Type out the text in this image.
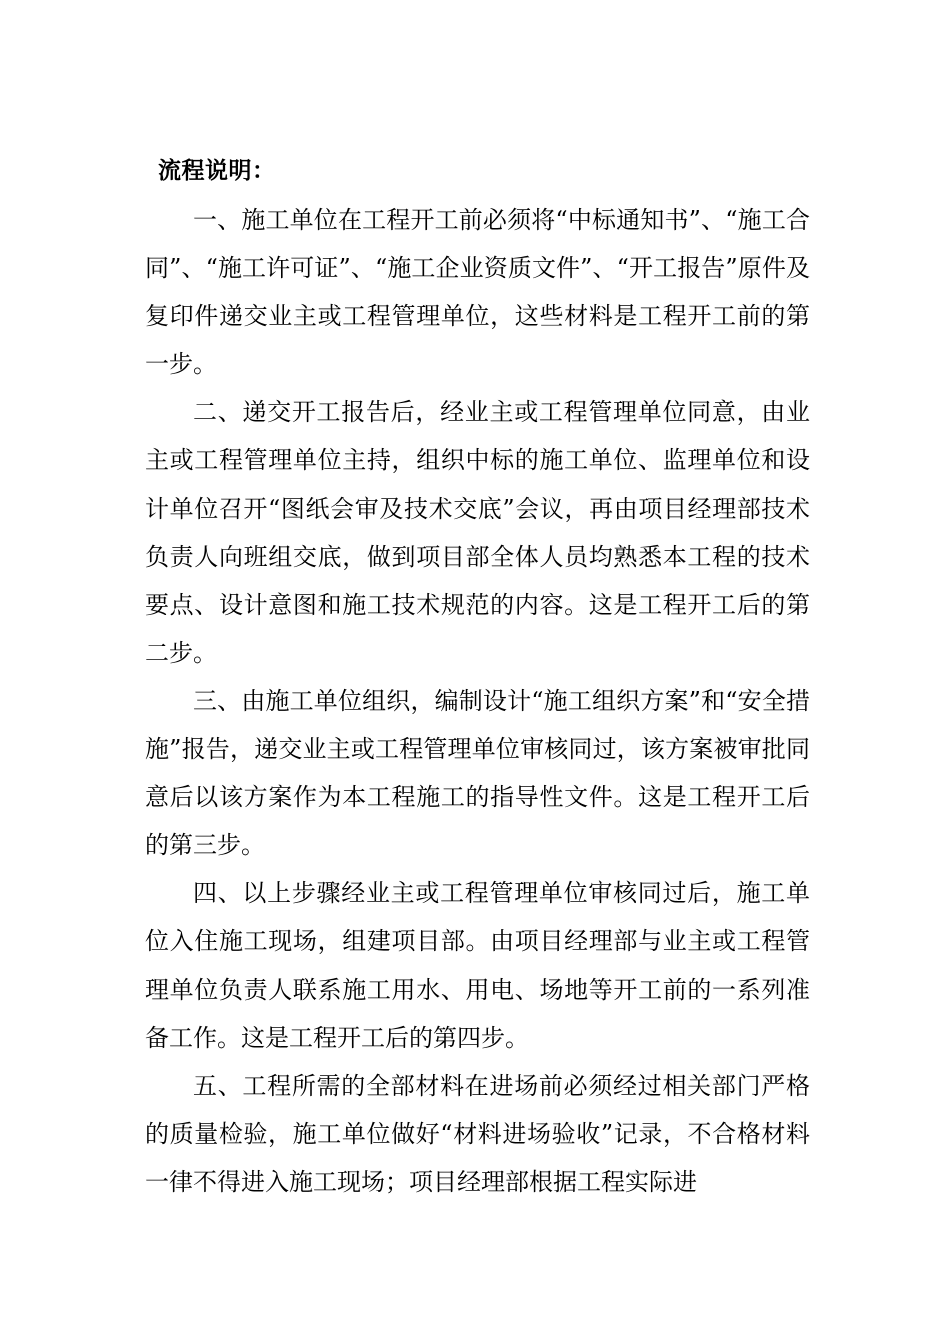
流程说明：

一、施工单位在工程开工前必须将“中标通知书”、“施工合同”、“施工许可证”、“施工企业资质文件”、“开工报告”原件及复印件递交业主或工程管理单位，这些材料是工程开工前的第一步。

二、递交开工报告后，经业主或工程管理单位同意，由业主或工程管理单位主持，组织中标的施工单位、监理单位和设计单位召开“图纸会审及技术交底”会议，再由项目经理部技术负责人向班组交底，做到项目部全体人员均熟悉本工程的技术要点、设计意图和施工技术规范的内容。这是工程开工后的第二步。

三、由施工单位组织，编制设计“施工组织方案”和“安全措施”报告，递交业主或工程管理单位审核同过，该方案被审批同意后以该方案作为本工程施工的指导性文件。这是工程开工后的第三步。

四、以上步骤经业主或工程管理单位审核同过后，施工单位入住施工现场，组建项目部。由项目经理部与业主或工程管理单位负责人联系施工用水、用电、场地等开工前的一系列准备工作。这是工程开工后的第四步。

五、工程所需的全部材料在进场前必须经过相关部门严格的质量检验，施工单位做好“材料进场验收”记录，不合格材料一律不得进入施工现场；项目经理部根据工程实际进
